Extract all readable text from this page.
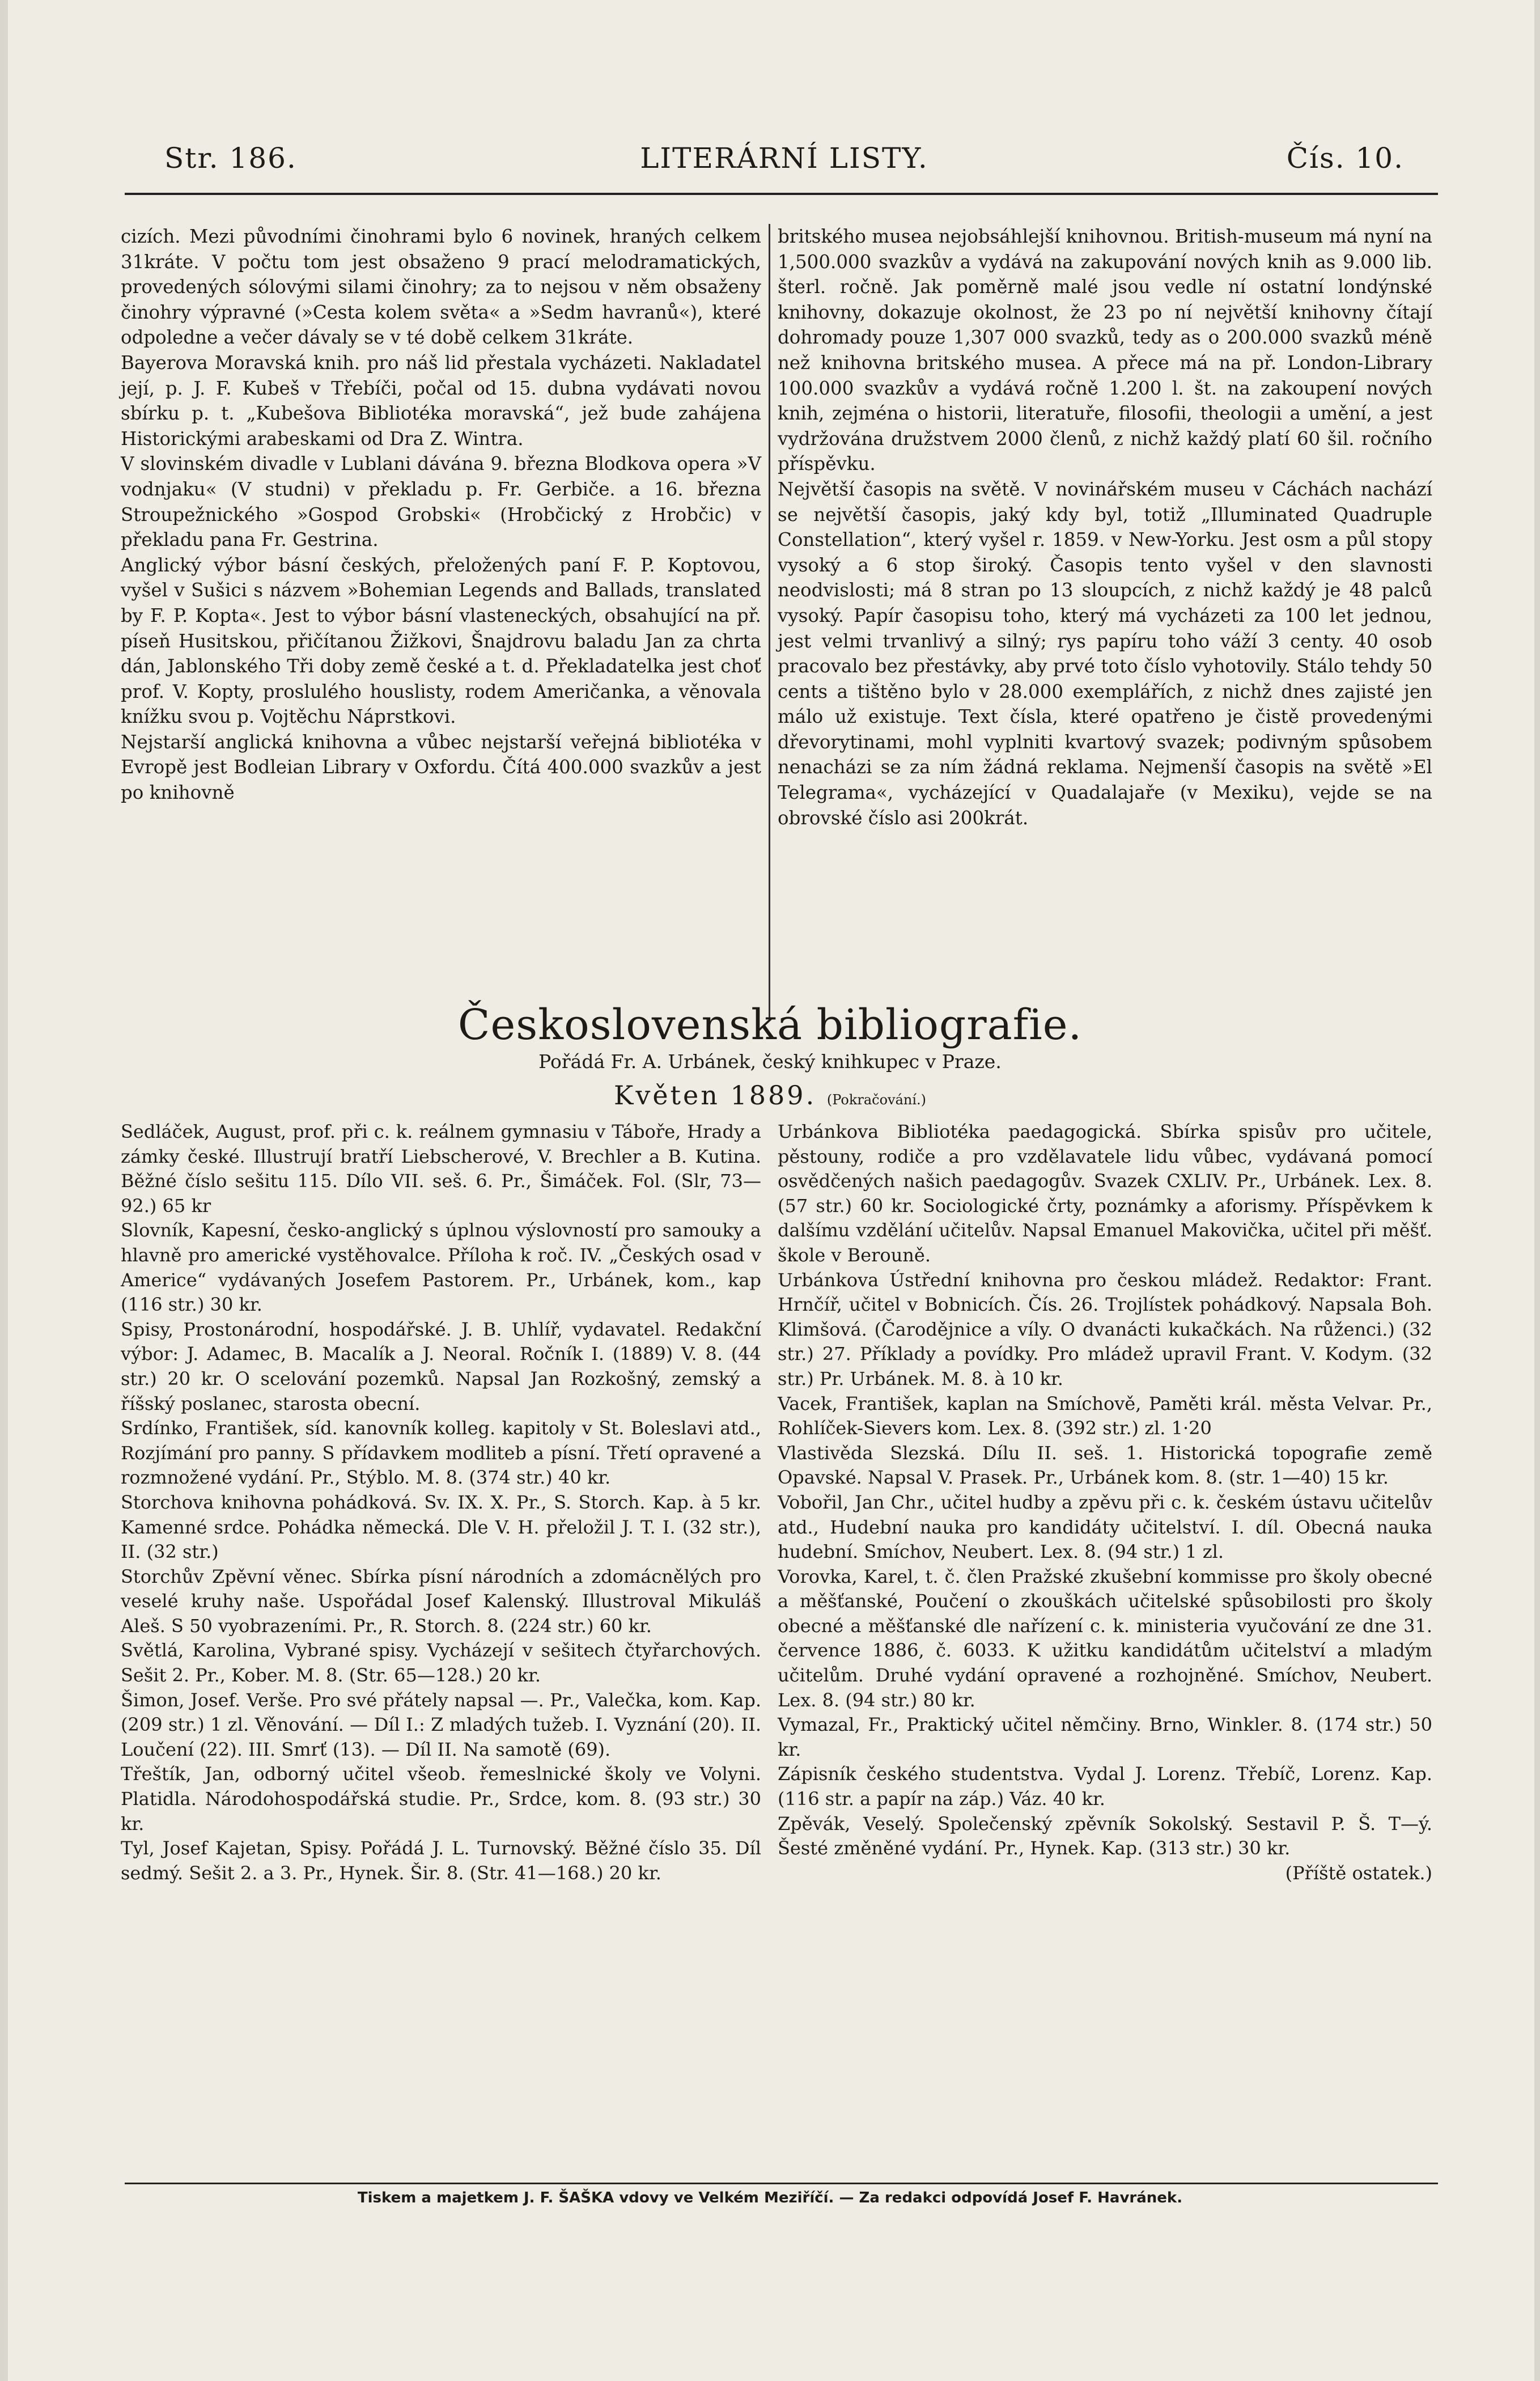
Str. 186.	LITERÁRNÍ LISTY.	Čís. 10.

cizích. Mezi původními činohrami bylo 6 novinek, hraných celkem 31kráte. V počtu tom jest obsaženo 9 prací melodramatických, provedených sólovými silami činohry; za to nejsou v něm obsaženy činohry výpravné (»Cesta kolem světa« a »Sedm havranů«), které odpoledne a večer dávaly se v té době celkem 31kráte.

Bayerova Moravská knih. pro náš lid přestala vycházeti. Nakladatel její, p. J. F. Kubeš v Třebíči, počal od 15. dubna vydávati novou sbírku p. t. „Kubešova Bibliotéka moravská“, jež bude zahájena Historickými arabeskami od Dra Z. Wintra.

V slovinském divadle v Lublani dávána 9. března Blodkova opera »V vodnjaku« (V studni) v překladu p. Fr. Gerbiče. a 16. března Stroupežnického »Gospod Grobski« (Hrobčický z Hrobčic) v překladu pana Fr. Gestrina.

Anglický výbor básní českých, přeložených paní F. P. Koptovou, vyšel v Sušici s názvem »Bohemian Legends and Ballads, translated by F. P. Kopta«. Jest to výbor básní vlasteneckých, obsahující na př. píseň Husitskou, přičítanou Žižkovi, Šnajdrovu baladu Jan za chrta dán, Jablonského Tři doby země české a t. d. Překladatelka jest choť prof. V. Kopty, proslulého houslisty, rodem Američanka, a věnovala knížku svou p. Vojtěchu Náprstkovi.

Nejstarší anglická knihovna a vůbec nejstarší veřejná bibliotéka v Evropě jest Bodleian Library v Oxfordu. Čítá 400.000 svazkův a jest po knihovně

britského musea nejobsáhlejší knihovnou. British-museum má nyní na 1,500.000 svazkův a vydává na zakupování nových knih as 9.000 lib. šterl. ročně. Jak poměrně malé jsou vedle ní ostatní londýnské knihovny, dokazuje okolnost, že 23 po ní největší knihovny čítají dohromady pouze 1,307 000 svazků, tedy as o 200.000 svazků méně než knihovna britského musea. A přece má na př. London-Library 100.000 svazkův a vydává ročně 1.200 l. št. na zakoupení nových knih, zejména o historii, literatuře, filosofii, theologii a umění, a jest vydržována družstvem 2000 členů, z nichž každý platí 60 šil. ročního příspěvku.

Největší časopis na světě. V novinářském museu v Cáchách nachází se největší časopis, jaký kdy byl, totiž „Illuminated Quadruple Constellation“, který vyšel r. 1859. v New-Yorku. Jest osm a půl stopy vysoký a 6 stop široký. Časopis tento vyšel v den slavnosti neodvislosti; má 8 stran po 13 sloupcích, z nichž každý je 48 palců vysoký. Papír časopisu toho, který má vycházeti za 100 let jednou, jest velmi trvanlivý a silný; rys papíru toho váží 3 centy. 40 osob pracovalo bez přestávky, aby prvé toto číslo vyhotovily. Stálo tehdy 50 cents a tištěno bylo v 28.000 exemplářích, z nichž dnes zajisté jen málo už existuje. Text čísla, které opatřeno je čistě provedenými dřevorytinami, mohl vyplniti kvartový svazek; podivným spůsobem nenacházi se za ním žádná reklama. Nejmenší časopis na světě »El Telegrama«, vycházející v Quadalajaře (v Mexiku), vejde se na obrovské číslo asi 200krát.

Československá bibliografie.
Pořádá Fr. A. Urbánek, český knihkupec v Praze.
Květen 1889. (Pokračování.)

Sedláček, August, prof. při c. k. reálnem gymnasiu v Táboře, Hrady a zámky české. Illustrují bratří Liebscherové, V. Brechler a B. Kutina. Běžné číslo sešitu 115. Dílo VII. seš. 6. Pr., Šimáček. Fol. (Slr, 73—92.) 65 kr

Slovník, Kapesní, česko-anglický s úplnou výslovností pro samouky a hlavně pro americké vystěhovalce. Příloha k roč. IV. „Českých osad v Americe“ vydávaných Josefem Pastorem. Pr., Urbánek, kom., kap (116 str.) 30 kr.

Spisy, Prostonárodní, hospodářské. J. B. Uhlíř, vydavatel. Redakční výbor: J. Adamec, B. Macalík a J. Neoral. Ročník I. (1889) V. 8. (44 str.) 20 kr. O scelování pozemků. Napsal Jan Rozkošný, zemský a říšský poslanec, starosta obecní.

Srdínko, František, síd. kanovník kolleg. kapitoly v St. Boleslavi atd., Rozjímání pro panny. S přídavkem modliteb a písní. Třetí opravené a rozmnožené vydání. Pr., Stýblo. M. 8. (374 str.) 40 kr.

Storchova knihovna pohádková. Sv. IX. X. Pr., S. Storch. Kap. à 5 kr. Kamenné srdce. Pohádka německá. Dle V. H. přeložil J. T. I. (32 str.), II. (32 str.)

Storchův Zpěvní věnec. Sbírka písní národních a zdomácnělých pro veselé kruhy naše. Uspořádal Josef Kalenský. Illustroval Mikuláš Aleš. S 50 vyobrazeními. Pr., R. Storch. 8. (224 str.) 60 kr.

Světlá, Karolina, Vybrané spisy. Vycházejí v sešitech čtyřarchových. Sešit 2. Pr., Kober. M. 8. (Str. 65—128.) 20 kr.

Šimon, Josef. Verše. Pro své přátely napsal —. Pr., Valečka, kom. Kap. (209 str.) 1 zl. Věnování. — Díl I.: Z mladých tužeb. I. Vyznání (20). II. Loučení (22). III. Smrť (13). — Díl II. Na samotě (69).

Třeštík, Jan, odborný učitel všeob. řemeslnické školy ve Volyni. Platidla. Národohospodářská studie. Pr., Srdce, kom. 8. (93 str.) 30 kr.

Tyl, Josef Kajetan, Spisy. Pořádá J. L. Turnovský. Běžné číslo 35. Díl sedmý. Sešit 2. a 3. Pr., Hynek. Šir. 8. (Str. 41—168.) 20 kr.

Urbánkova Bibliotéka paedagogická. Sbírka spisův pro učitele, pěstouny, rodiče a pro vzdělavatele lidu vůbec, vydávaná pomocí osvědčených našich paedagogův. Svazek CXLIV. Pr., Urbánek. Lex. 8. (57 str.) 60 kr. Sociologické črty, poznámky a aforismy. Příspěvkem k dalšímu vzdělání učitelův. Napsal Emanuel Makovička, učitel při měšť. škole v Berouně.

Urbánkova Ústřední knihovna pro českou mládež. Redaktor: Frant. Hrnčíř, učitel v Bobnicích. Čís. 26. Trojlístek pohádkový. Napsala Boh. Klimšová. (Čarodějnice a víly. O dvanácti kukačkách. Na růženci.) (32 str.) 27. Příklady a povídky. Pro mládež upravil Frant. V. Kodym. (32 str.) Pr. Urbánek. M. 8. à 10 kr.

Vacek, František, kaplan na Smíchově, Paměti král. města Velvar. Pr., Rohlíček-Sievers kom. Lex. 8. (392 str.) zl. 1·20

Vlastivěda Slezská. Dílu II. seš. 1. Historická topografie země Opavské. Napsal V. Prasek. Pr., Urbánek kom. 8. (str. 1—40) 15 kr.

Vobořil, Jan Chr., učitel hudby a zpěvu při c. k. českém ústavu učitelův atd., Hudební nauka pro kandidáty učitelství. I. díl. Obecná nauka hudební. Smíchov, Neubert. Lex. 8. (94 str.) 1 zl.

Vorovka, Karel, t. č. člen Pražské zkušební kommisse pro školy obecné a měšťanské, Poučení o zkouškách učitelské spůsobilosti pro školy obecné a měšťanské dle nařízení c. k. ministeria vyučování ze dne 31. července 1886, č. 6033. K užitku kandidátům učitelství a mladým učitelům. Druhé vydání opravené a rozhojněné. Smíchov, Neubert. Lex. 8. (94 str.) 80 kr.

Vymazal, Fr., Praktický učitel němčiny. Brno, Winkler. 8. (174 str.) 50 kr.

Zápisník českého studentstva. Vydal J. Lorenz. Třebíč, Lorenz. Kap. (116 str. a papír na záp.) Váz. 40 kr.

Zpěvák, Veselý. Společenský zpěvník Sokolský. Sestavil P. Š. T—ý. Šesté změněné vydání. Pr., Hynek. Kap. (313 str.) 30 kr.

(Příště ostatek.)

Tiskem a majetkem J. F. ŠAŠKA vdovy ve Velkém Meziříčí. — Za redakci odpovídá Josef F. Havránek.
